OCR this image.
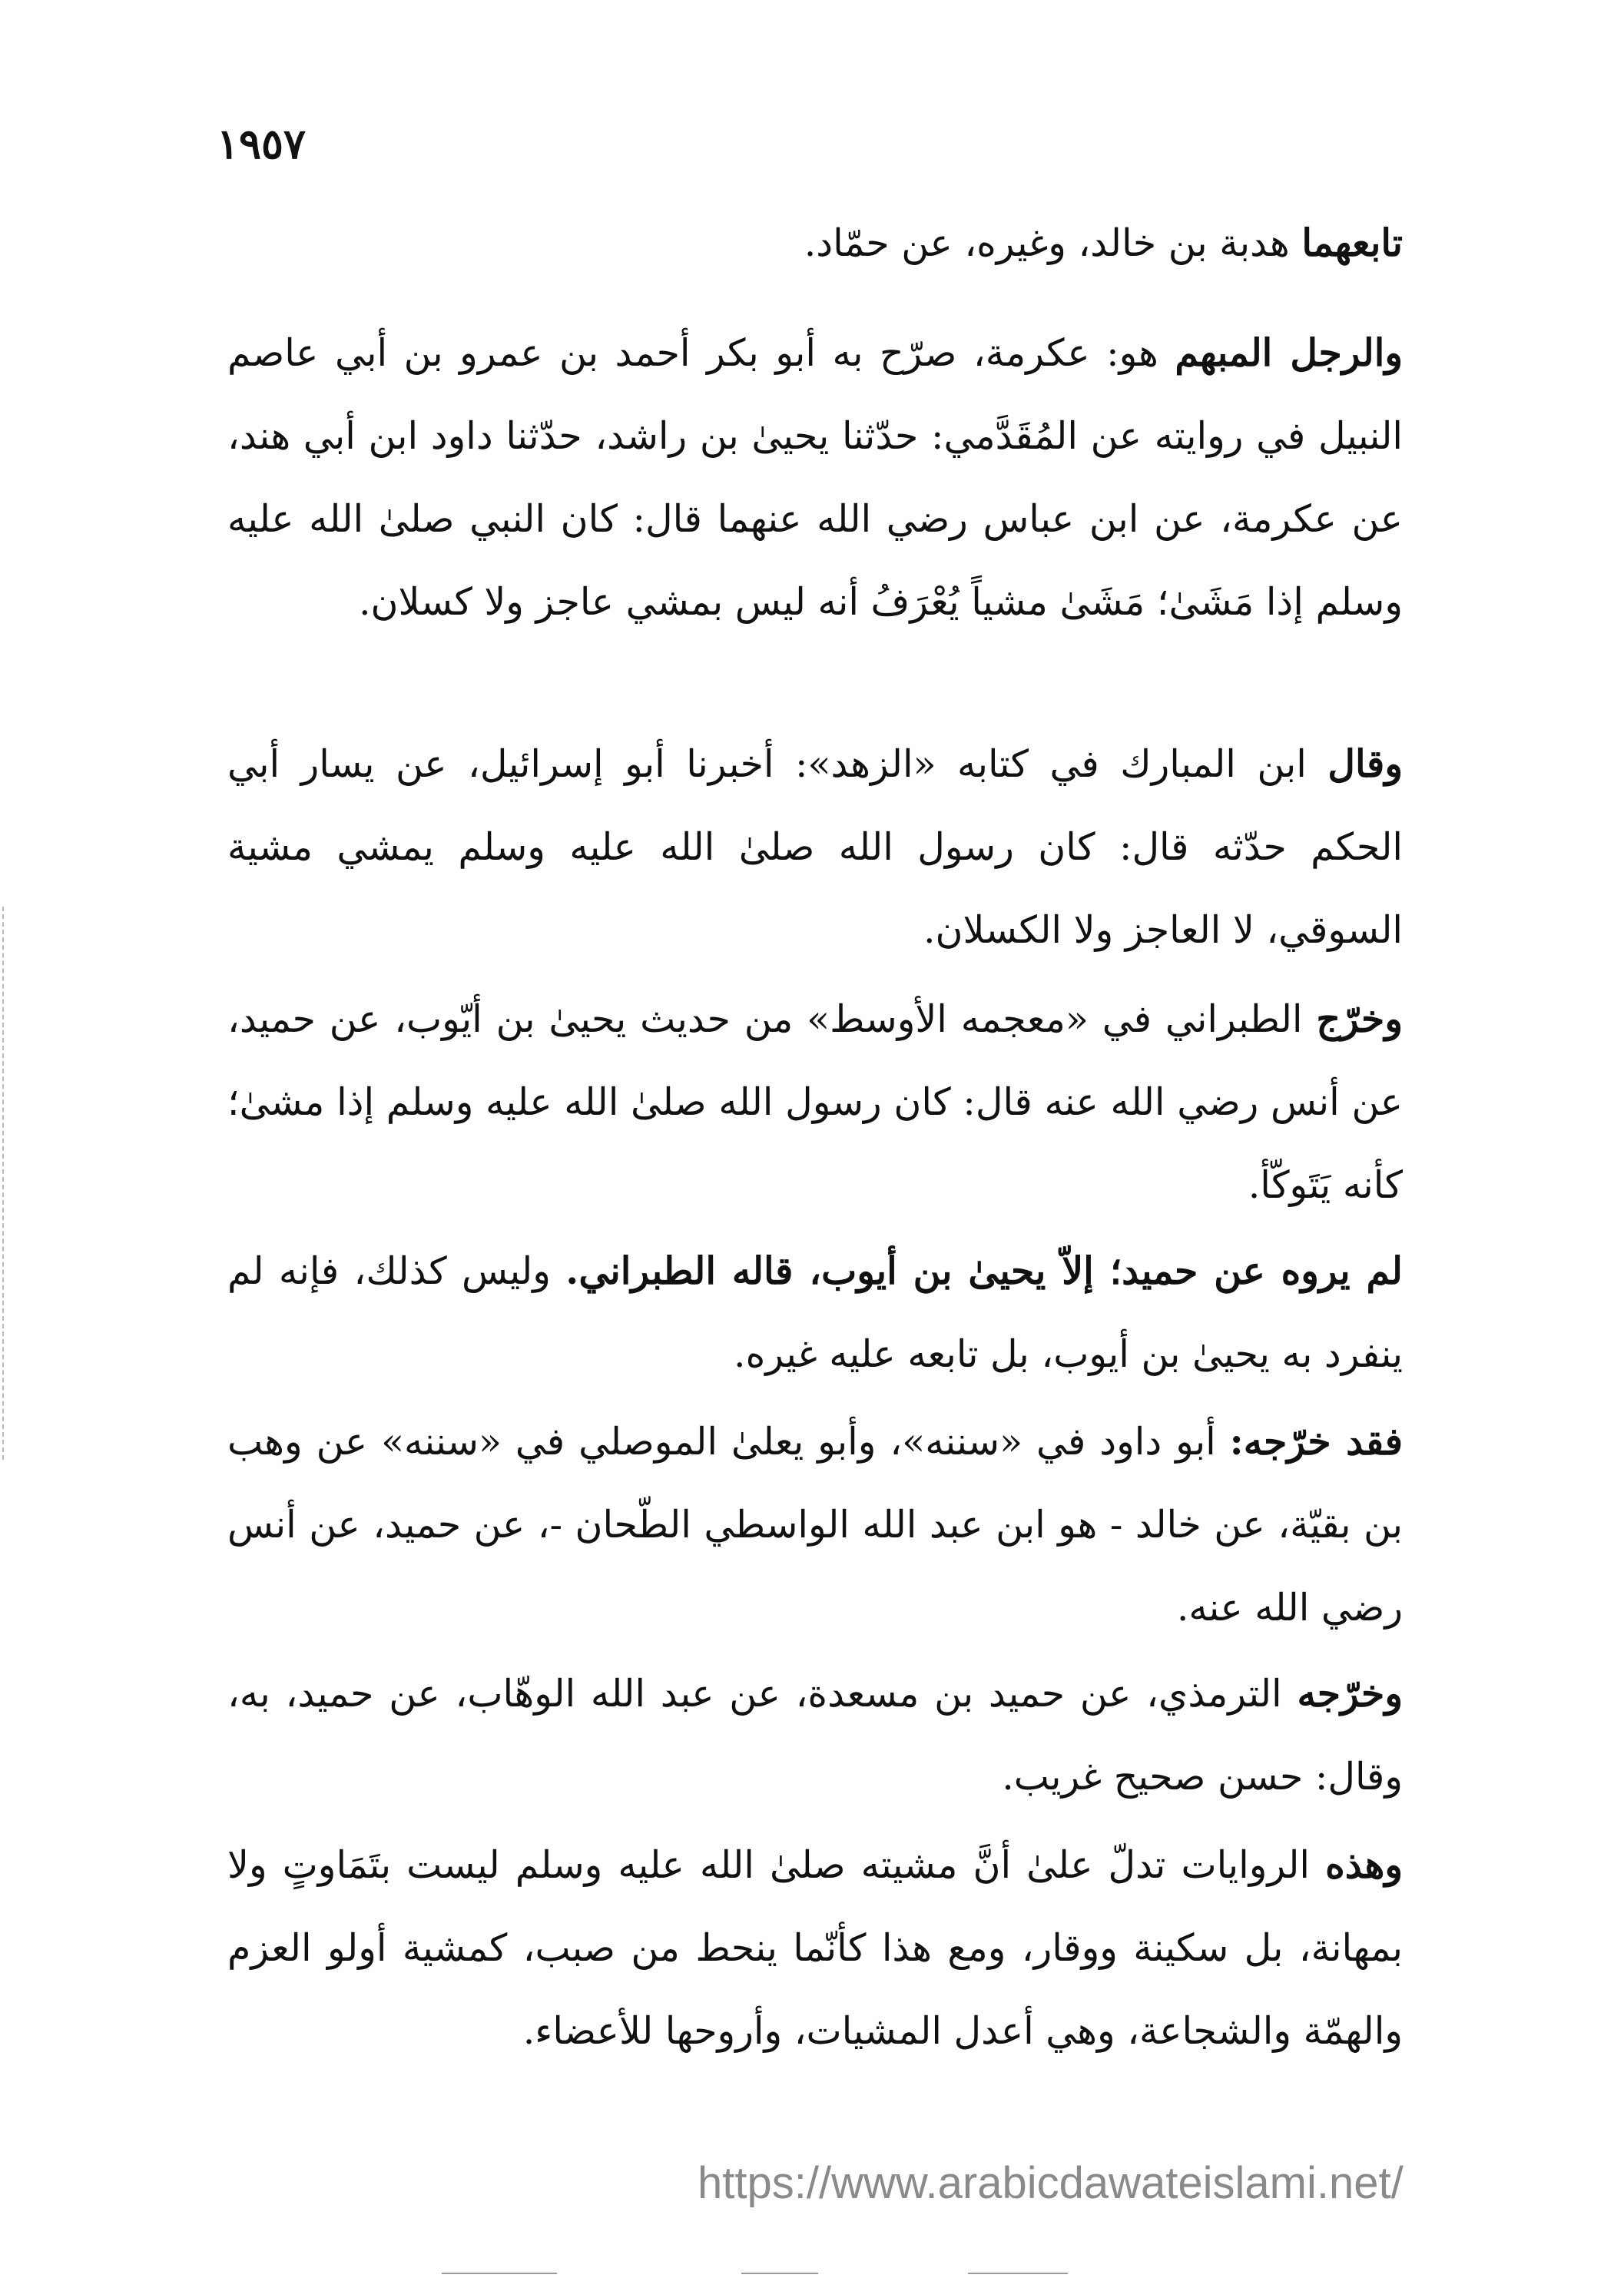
١٩٥٧
تابعهما هدبة بن خالد، وغيره، عن حمّاد.
والرجل المبهم هو: عكرمة، صرّح به أبو بكر أحمد بن عمرو بن أبي عاصم النبيل في روايته عن المُقَدَّمي: حدّثنا يحيىٰ بن راشد، حدّثنا داود ابن أبي هند، عن عكرمة، عن ابن عباس رضي الله عنهما قال: كان النبي صلىٰ الله عليه وسلم إذا مَشَىٰ؛ مَشَىٰ مشياً يُعْرَفُ أنه ليس بمشي عاجز ولا كسلان.
وقال ابن المبارك في كتابه «الزهد»: أخبرنا أبو إسرائيل، عن يسار أبي الحكم حدّثه قال: كان رسول الله صلىٰ الله عليه وسلم يمشي مشية السوقي، لا العاجز ولا الكسلان.
وخرّج الطبراني في «معجمه الأوسط» من حديث يحيىٰ بن أيّوب، عن حميد، عن أنس رضي الله عنه قال: كان رسول الله صلىٰ الله عليه وسلم إذا مشىٰ؛ كأنه يَتَوكّأ.
لم يروه عن حميد؛ إلاّ يحيىٰ بن أيوب، قاله الطبراني. وليس كذلك، فإنه لم ينفرد به يحيىٰ بن أيوب، بل تابعه عليه غيره.
فقد خرّجه: أبو داود في «سننه»، وأبو يعلىٰ الموصلي في «سننه» عن وهب بن بقيّة، عن خالد - هو ابن عبد الله الواسطي الطّحان -، عن حميد، عن أنس رضي الله عنه.
وخرّجه الترمذي، عن حميد بن مسعدة، عن عبد الله الوهّاب، عن حميد، به، وقال: حسن صحيح غريب.
وهذه الروايات تدلّ علىٰ أنَّ مشيته صلىٰ الله عليه وسلم ليست بتَمَاوتٍ ولا بمهانة، بل سكينة ووقار، ومع هذا كأنّما ينحط من صبب، كمشية أولو العزم والهمّة والشجاعة، وهي أعدل المشيات، وأروحها للأعضاء.
https://www.arabicdawateislami.net/
